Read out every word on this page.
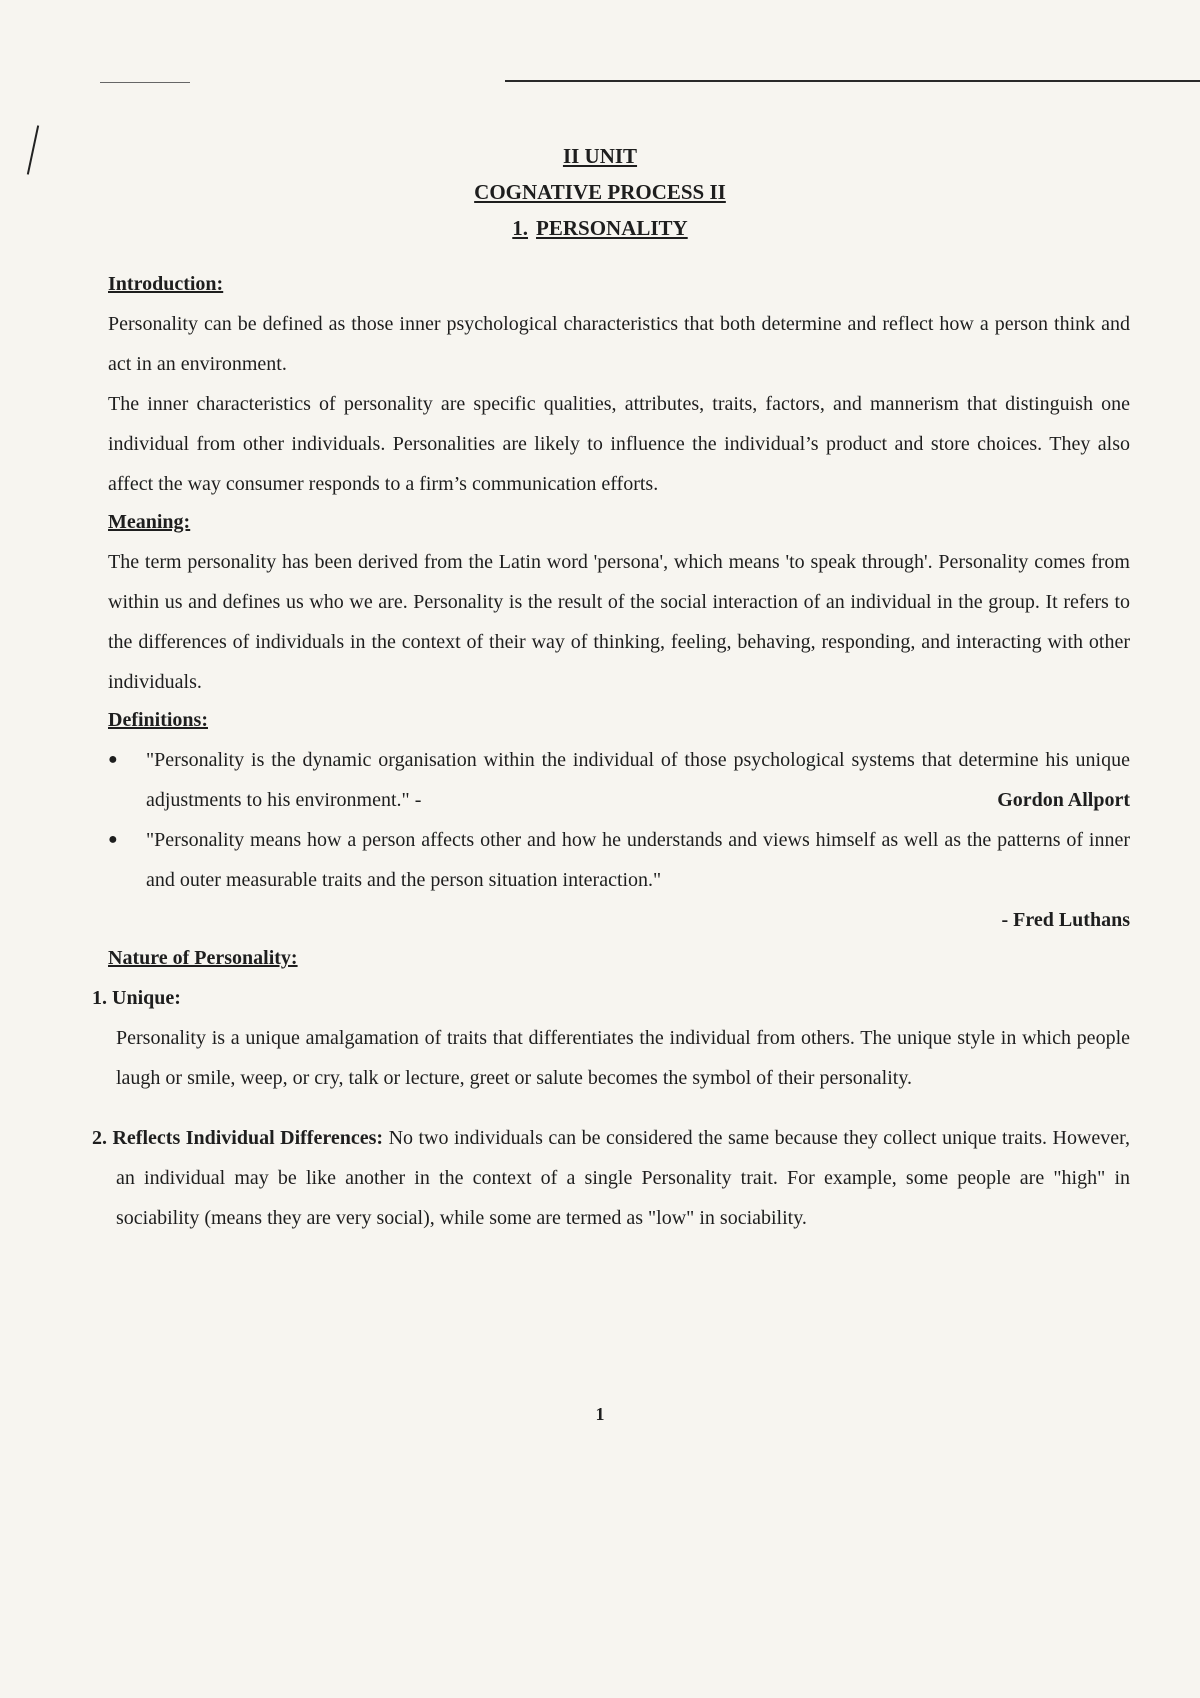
II UNIT
COGNATIVE PROCESS II
1. PERSONALITY
Introduction:

Personality can be defined as those inner psychological characteristics that both determine and reflect how a person think and act in an environment.

The inner characteristics of personality are specific qualities, attributes, traits, factors, and mannerism that distinguish one individual from other individuals. Personalities are likely to influence the individual’s product and store choices. They also affect the way consumer responds to a firm’s communication efforts.

Meaning:

The term personality has been derived from the Latin word 'persona', which means 'to speak through'. Personality comes from within us and defines us who we are. Personality is the result of the social interaction of an individual in the group. It refers to the differences of individuals in the context of their way of thinking, feeling, behaving, responding, and interacting with other individuals.

Definitions:
● "Personality is the dynamic organisation within the individual of those psychological systems that determine his unique adjustments to his environment." -	Gordon Allport
● "Personality means how a person affects other and how he understands and views himself as well as the patterns of inner and outer measurable traits and the person situation interaction."
- Fred Luthans
Nature of Personality:
1. Unique:

Personality is a unique amalgamation of traits that differentiates the individual from others. The unique style in which people laugh or smile, weep, or cry, talk or lecture, greet or salute becomes the symbol of their personality.

2. Reflects Individual Differences: No two individuals can be considered the same because they collect unique traits. However, an individual may be like another in the context of a single Personality trait. For example, some people are "high" in sociability (means they are very social), while some are termed as "low" in sociability.

1
